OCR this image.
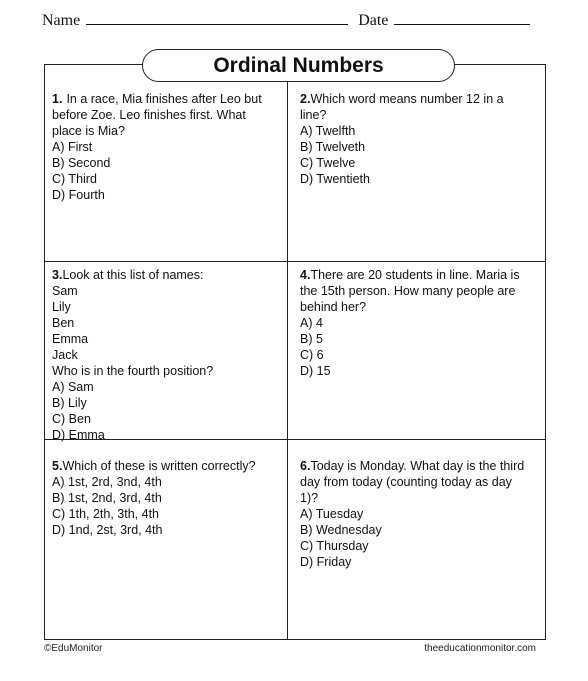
Name	Date
Ordinal Numbers
1. In a race, Mia finishes after Leo but
before Zoe. Leo finishes first. What
place is Mia?
A) First
B) Second
C) Third
D) Fourth
2.Which word means number 12 in a
line?
A) Twelfth
B) Twelveth
C) Twelve
D) Twentieth
3.Look at this list of names:
Sam
Lily
Ben
Emma
Jack
Who is in the fourth position?
A) Sam
B) Lily
C) Ben
D) Emma
4.There are 20 students in line. Maria is
the 15th person. How many people are
behind her?
A) 4
B) 5
C) 6
D) 15
5.Which of these is written correctly?
A) 1st, 2rd, 3nd, 4th
B) 1st, 2nd, 3rd, 4th
C) 1th, 2th, 3th, 4th
D) 1nd, 2st, 3rd, 4th
6.Today is Monday. What day is the third
day from today (counting today as day
1)?
A) Tuesday
B) Wednesday
C) Thursday
D) Friday
©EduMonitor	theeducationmonitor.com
